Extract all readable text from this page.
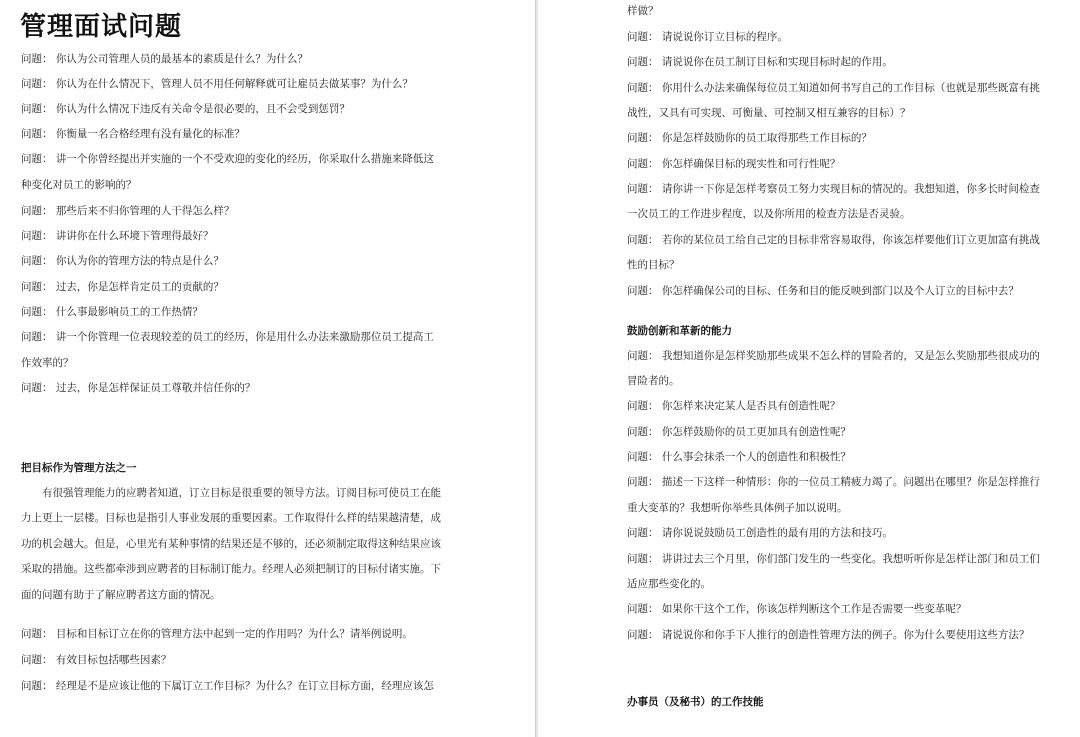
管理面试问题
问题： 你认为公司管理人员的最基本的素质是什么？为什么？
问题： 你认为在什么情况下，管理人员不用任何解释就可让雇员去做某事？为什么？
问题： 你认为什么情况下违反有关命令是很必要的，且不会受到惩罚？
问题： 你衡量一名合格经理有没有量化的标准？
问题： 讲一个你曾经提出并实施的一个不受欢迎的变化的经历，你采取什么措施来降低这
种变化对员工的影响的？
问题： 那些后来不归你管理的人干得怎么样？
问题： 讲讲你在什么环境下管理得最好？
问题： 你认为你的管理方法的特点是什么？
问题： 过去，你是怎样肯定员工的贡献的？
问题： 什么事最影响员工的工作热情？
问题： 讲一个你管理一位表现较差的员工的经历，你是用什么办法来激励那位员工提高工
作效率的？
问题： 过去，你是怎样保证员工尊敬并信任你的？
把目标作为管理方法之一
有很强管理能力的应聘者知道，订立目标是很重要的领导方法。订阅目标可使员工在能
力上更上一层楼。目标也是指引人事业发展的重要因素。工作取得什么样的结果越清楚，成
功的机会越大。但是，心里光有某种事情的结果还是不够的，还必须制定取得这种结果应该
采取的措施。这些都牵涉到应聘者的目标制订能力。经理人必须把制订的目标付诸实施。下
面的问题有助于了解应聘者这方面的情况。
问题： 目标和目标订立在你的管理方法中起到一定的作用吗？为什么？请举例说明。
问题： 有效目标包括哪些因素？
问题： 经理是不是应该让他的下属订立工作目标？为什么？在订立目标方面，经理应该怎
样做？
问题： 请说说你订立目标的程序。
问题： 请说说你在员工制订目标和实现目标时起的作用。
问题： 你用什么办法来确保每位员工知道如何书写自己的工作目标（也就是那些既富有挑
战性，又具有可实现、可衡量、可控制又相互兼容的目标）？
问题： 你是怎样鼓励你的员工取得那些工作目标的？
问题： 你怎样确保目标的现实性和可行性呢？
问题： 请你讲一下你是怎样考察员工努力实现目标的情况的。我想知道，你多长时间检查
一次员工的工作进步程度，以及你所用的检查方法是否灵验。
问题： 若你的某位员工给自己定的目标非常容易取得，你该怎样要他们订立更加富有挑战
性的目标？
问题： 你怎样确保公司的目标、任务和目的能反映到部门以及个人订立的目标中去？
鼓励创新和革新的能力
问题： 我想知道你是怎样奖励那些成果不怎么样的冒险者的，又是怎么奖励那些很成功的
冒险者的。
问题： 你怎样来决定某人是否具有创造性呢？
问题： 你怎样鼓励你的员工更加具有创造性呢？
问题： 什么事会抹杀一个人的创造性和积极性？
问题： 描述一下这样一种情形：你的一位员工精疲力竭了。问题出在哪里？你是怎样推行
重大变革的？我想听你举些具体例子加以说明。
问题： 请你说说鼓励员工创造性的最有用的方法和技巧。
问题： 讲讲过去三个月里，你们部门发生的一些变化。我想听听你是怎样让部门和员工们
适应那些变化的。
问题： 如果你干这个工作，你该怎样判断这个工作是否需要一些变革呢？
问题： 请说说你和你手下人推行的创造性管理方法的例子。你为什么要使用这些方法？
办事员（及秘书）的工作技能
